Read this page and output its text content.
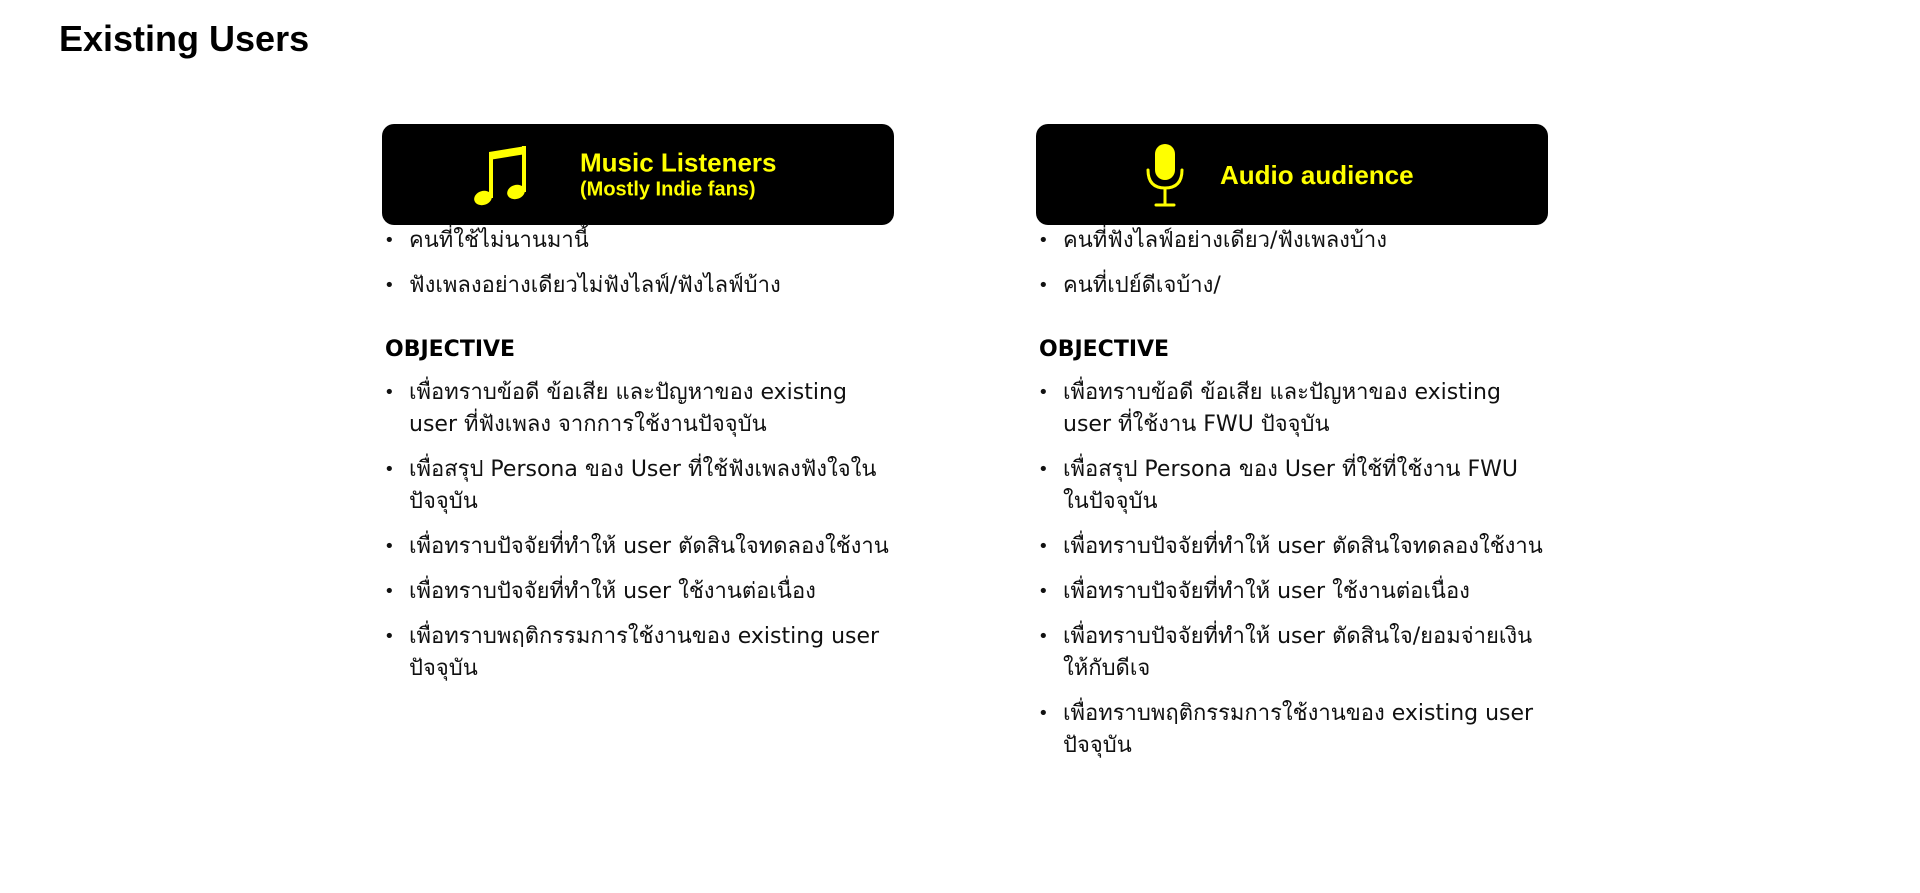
Existing Users
Music Listeners
(Mostly Indie fans)
• คนที่ใช้ไม่นานมานี้
• ฟังเพลงอย่างเดียวไม่ฟังไลฟ์/ฟังไลฟ์บ้าง
OBJECTIVE
• เพื่อทราบข้อดี ข้อเสีย และปัญหาของ existing user ที่ฟังเพลง จากการใช้งานปัจจุบัน
• เพื่อสรุป Persona ของ User ที่ใช้ฟังเพลงฟังใจในปัจจุบัน
• เพื่อทราบปัจจัยที่ทำให้ user ตัดสินใจทดลองใช้งาน
• เพื่อทราบปัจจัยที่ทำให้ user ใช้งานต่อเนื่อง
• เพื่อทราบพฤติกรรมการใช้งานของ existing user ปัจจุบัน
Audio audience
• คนที่ฟังไลฟ์อย่างเดียว/ฟังเพลงบ้าง
• คนที่เปย์ดีเจบ้าง/
OBJECTIVE
• เพื่อทราบข้อดี ข้อเสีย และปัญหาของ existing user ที่ใช้งาน FWU ปัจจุบัน
• เพื่อสรุป Persona ของ User ที่ใช้ที่ใช้งาน FWU ในปัจจุบัน
• เพื่อทราบปัจจัยที่ทำให้ user ตัดสินใจทดลองใช้งาน
• เพื่อทราบปัจจัยที่ทำให้ user ใช้งานต่อเนื่อง
• เพื่อทราบปัจจัยที่ทำให้ user ตัดสินใจ/ยอมจ่ายเงินให้กับดีเจ
• เพื่อทราบพฤติกรรมการใช้งานของ existing user ปัจจุบัน
